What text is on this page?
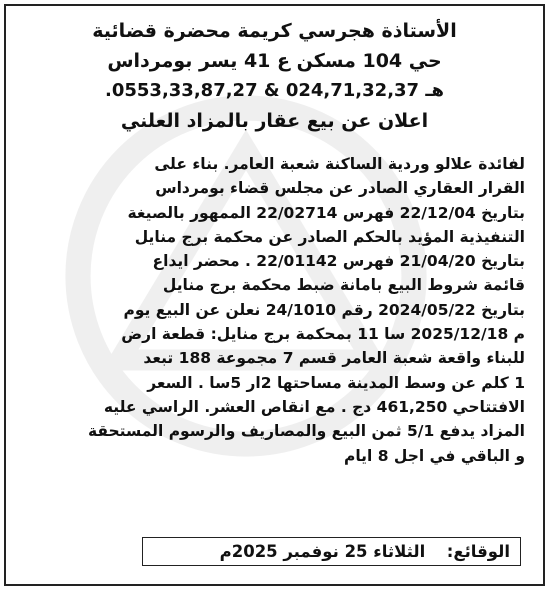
الأستاذة هجرسي كريمة محضرة قضائية
حي 104 مسكن ع 41 يسر بومرداس
هـ 024,71,32,37 & 0553,33,87,27.
اعلان عن بيع عقار بالمزاد العلني
لفائدة علالو وردية الساكنة شعبة العامر. بناء على
القرار العقاري الصادر عن مجلس قضاء بومرداس
بتاريخ 22/12/04 فهرس 22/02714 الممهور بالصيغة
التنفيذية المؤيد بالحكم الصادر عن محكمة برج منايل
بتاريخ 21/04/20 فهرس 22/01142 . محضر ايداع
قائمة شروط البيع بامانة ضبط محكمة برج منايل
بتاريخ 2024/05/22 رقم 24/1010 نعلن عن البيع يوم
م 2025/12/18 سا 11 بمحكمة برج منايل: قطعة ارض
للبناء واقعة شعبة العامر قسم 7 مجموعة 188 تبعد
1 كلم عن وسط المدينة مساحتها 2ار 5سا . السعر
الافتتاحي 461,250 دج . مع انقاص العشر. الراسي عليه
المزاد يدفع 5/1 ثمن البيع والمصاريف والرسوم المستحقة
و الباقي في اجل 8 ايام
الوقائع:  الثلاثاء 25 نوفمبر 2025م
